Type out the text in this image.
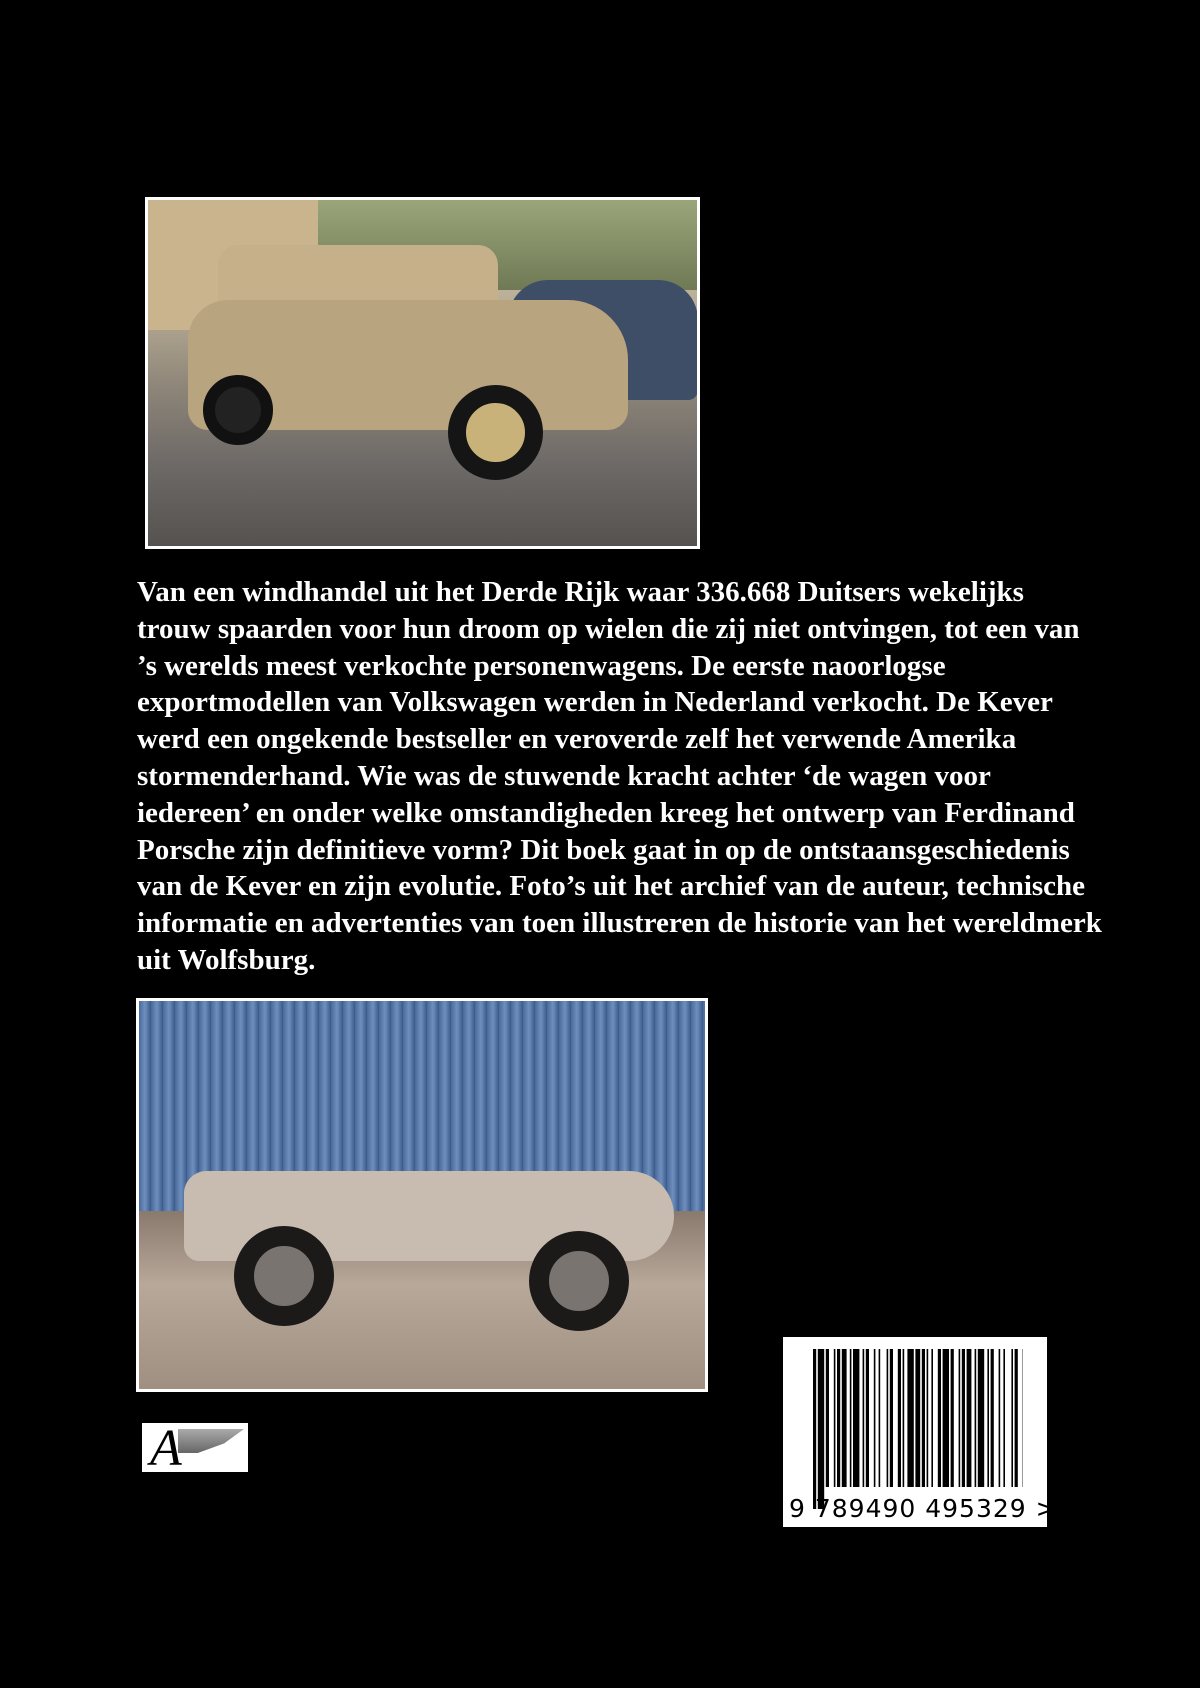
Van een windhandel uit het Derde Rijk waar 336.668 Duitsers wekelijks
trouw spaarden voor hun droom op wielen die zij niet ontvingen, tot een van
’s werelds meest verkochte personenwagens. De eerste naoorlogse
exportmodellen van Volkswagen werden in Nederland verkocht. De Kever
werd een ongekende bestseller en veroverde zelf het verwende Amerika
stormenderhand. Wie was de stuwende kracht achter ‘de wagen voor
iedereen’ en onder welke omstandigheden kreeg het ontwerp van Ferdinand
Porsche zijn definitieve vorm? Dit boek gaat in op de ontstaansgeschiedenis
van de Kever en zijn evolutie. Foto’s uit het archief van de auteur, technische
informatie en advertenties van toen illustreren de historie van het wereldmerk
uit Wolfsburg.
A
9 789490 495329 >
